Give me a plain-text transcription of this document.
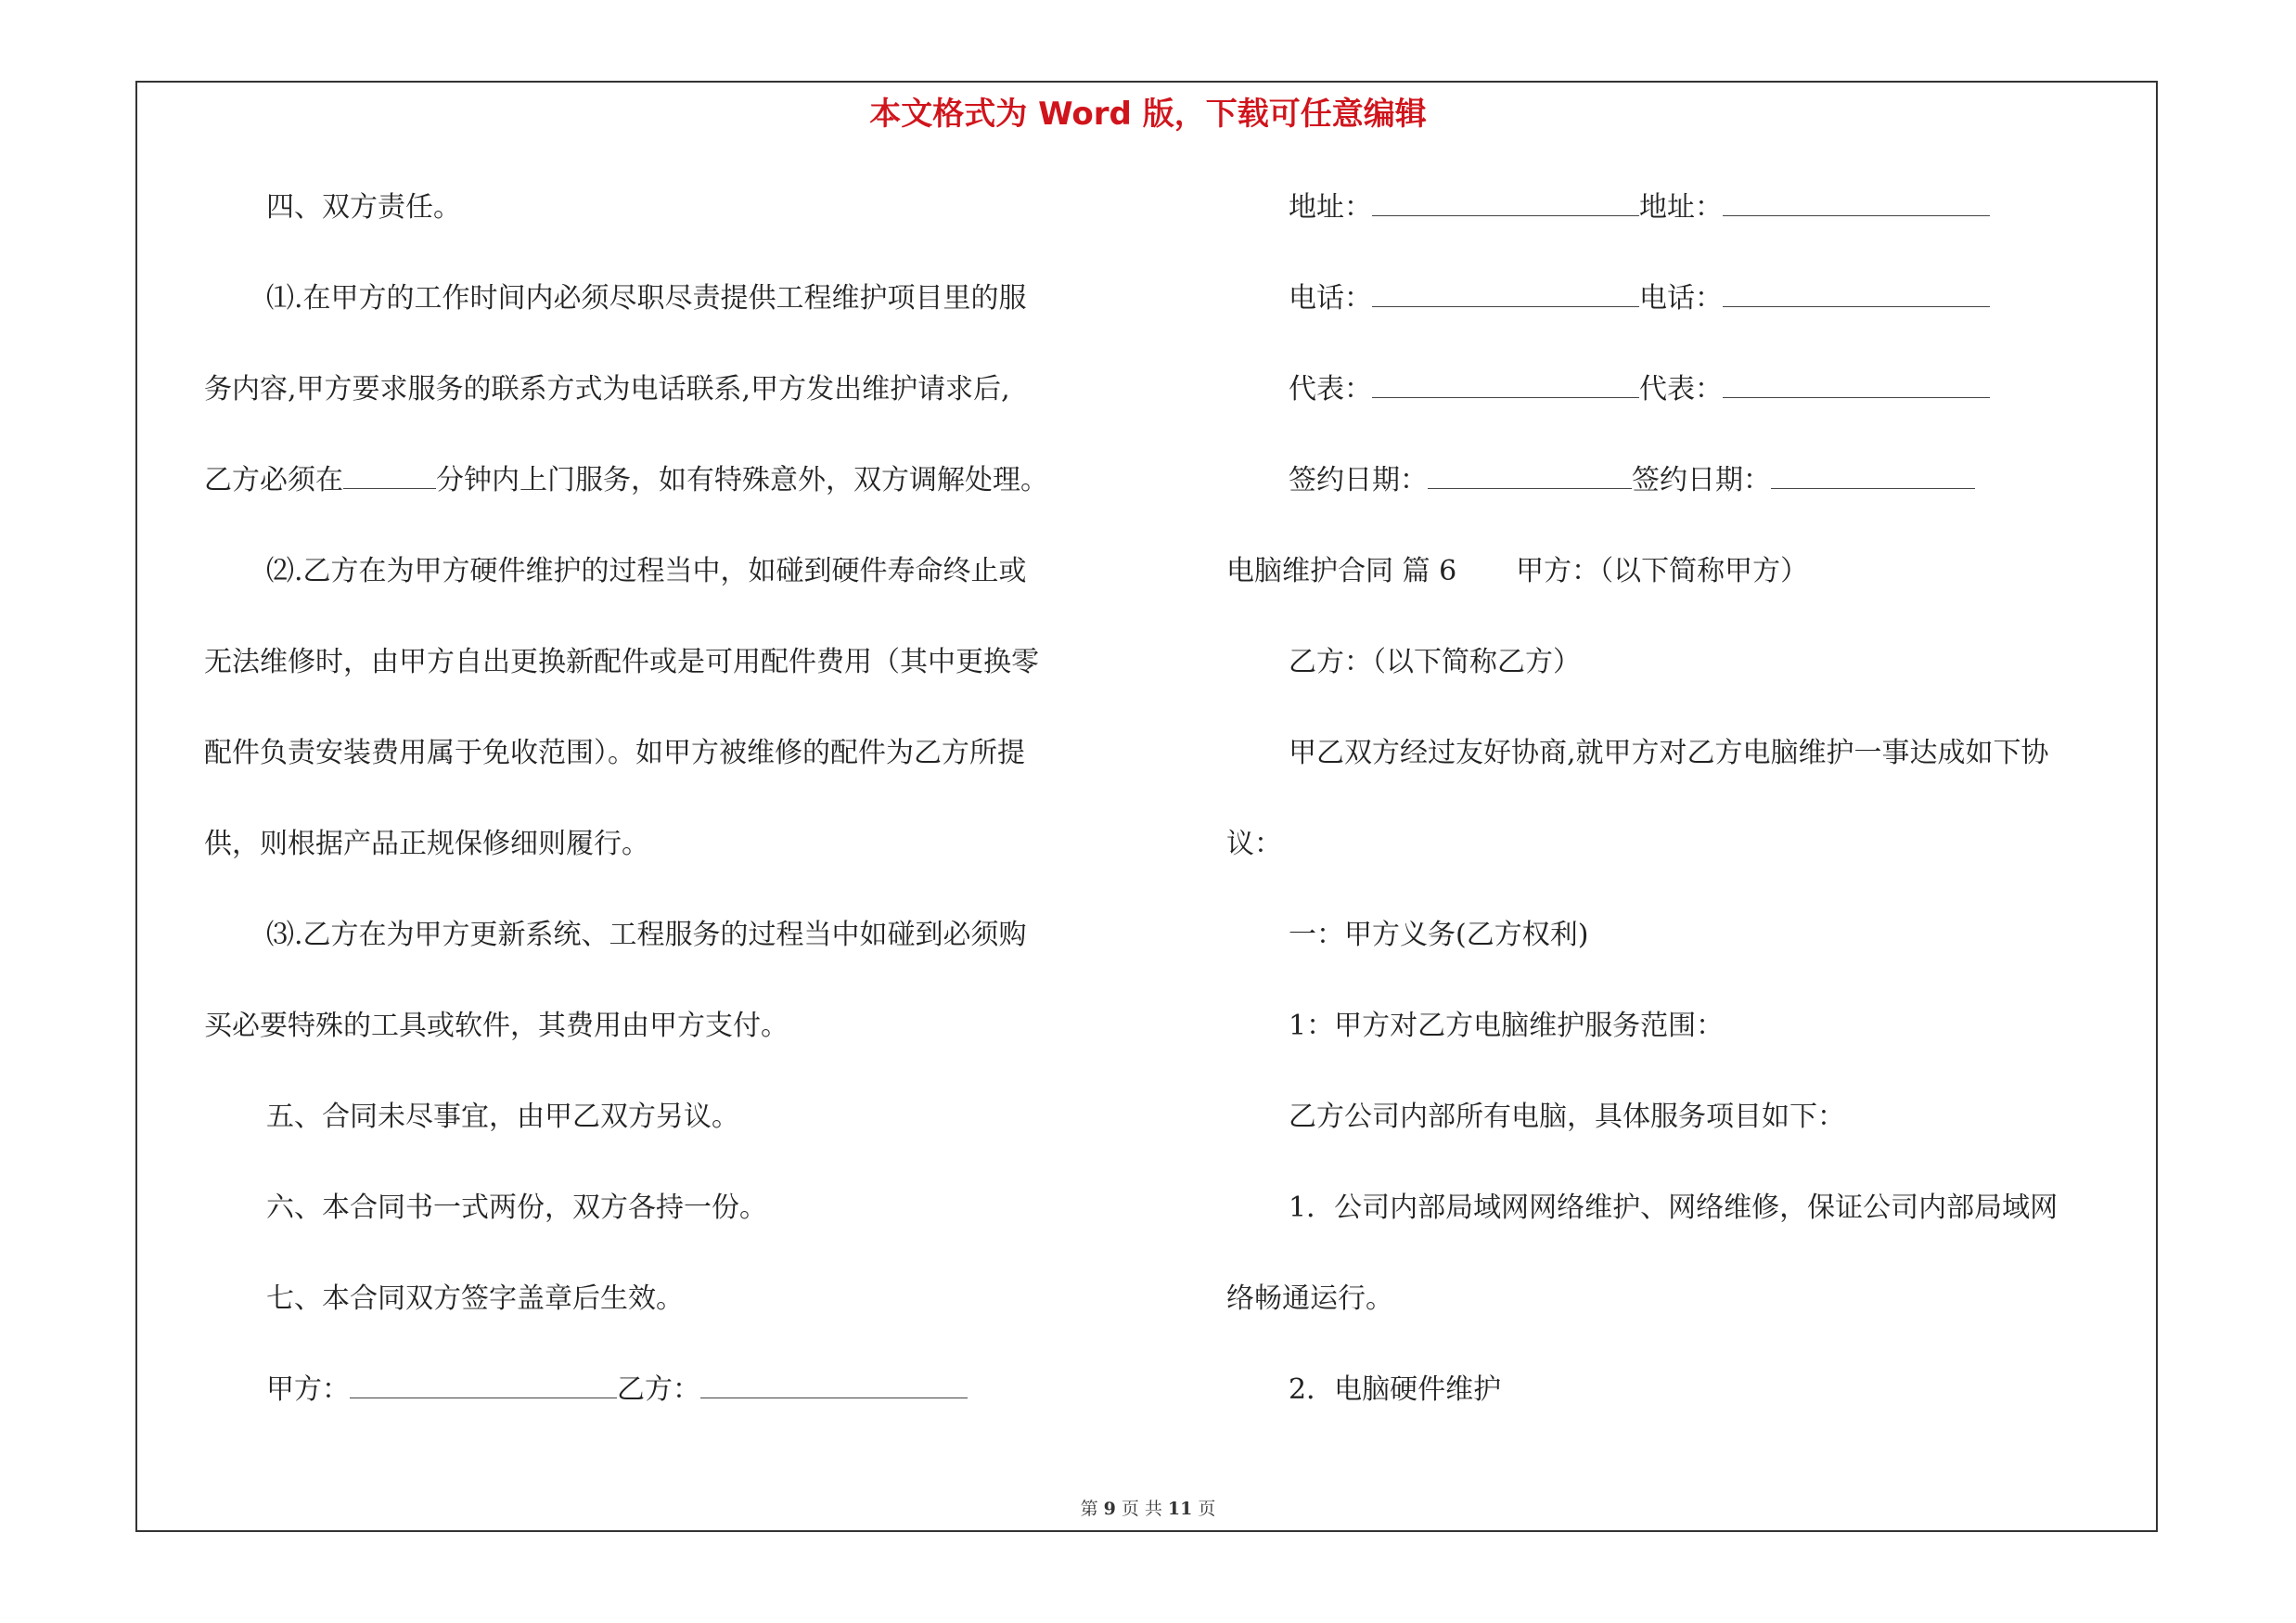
本文格式为 Word 版，下载可任意编辑
四、双方责任。
⑴.在甲方的工作时间内必须尽职尽责提供工程维护项目里的服
务内容,甲方要求服务的联系方式为电话联系,甲方发出维护请求后,
乙方必须在	分钟内上门服务，如有特殊意外，双方调解处理。
⑵.乙方在为甲方硬件维护的过程当中，如碰到硬件寿命终止或
无法维修时，由甲方自出更换新配件或是可用配件费用（其中更换零
配件负责安装费用属于免收范围）。如甲方被维修的配件为乙方所提
供，则根据产品正规保修细则履行。
⑶.乙方在为甲方更新系统、工程服务的过程当中如碰到必须购
买必要特殊的工具或软件，其费用由甲方支付。
五、合同未尽事宜，由甲乙双方另议。
六、本合同书一式两份，双方各持一份。
七、本合同双方签字盖章后生效。
甲方：	乙方：
地址：	地址：
电话：	电话：
代表：	代表：
签约日期：	签约日期：
电脑维护合同 篇 6 甲方：（以下简称甲方）
乙方：（以下简称乙方）
甲乙双方经过友好协商,就甲方对乙方电脑维护一事达成如下协
议：
一：甲方义务(乙方权利)
1：甲方对乙方电脑维护服务范围：
乙方公司内部所有电脑，具体服务项目如下：
1．公司内部局域网网络维护、网络维修，保证公司内部局域网
络畅通运行。
2．电脑硬件维护
第 9 页 共 11 页
